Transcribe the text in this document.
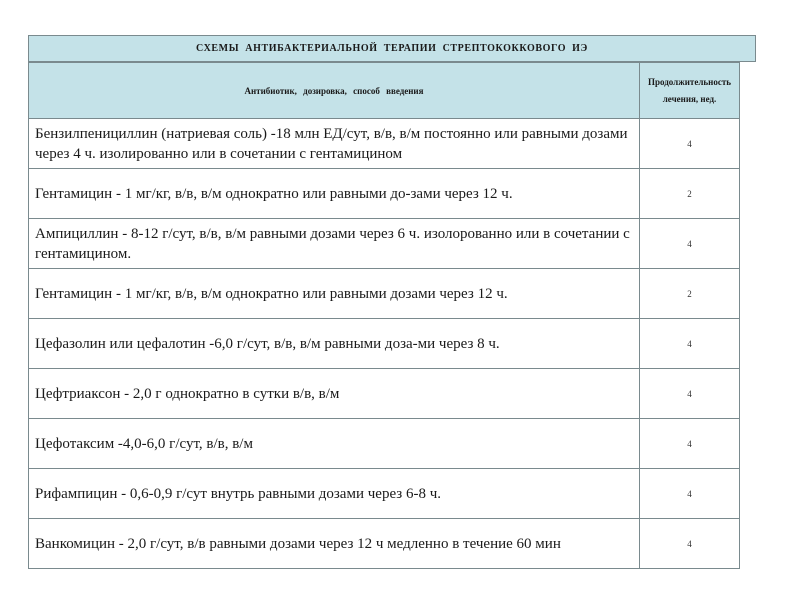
СХЕМЫ АНТИБАКТЕРИАЛЬНОЙ ТЕРАПИИ СТРЕПТОКОККОВОГО ИЭ
Антибиотик, дозировка, способ введения	Продолжительность лечения, нед.
Бензилпенициллин (натриевая соль) -18 млн ЕД/сут, в/в, в/м постоянно или равными дозами через 4 ч. изолированно или в сочетании с гентамицином	4
Гентамицин - 1 мг/кг, в/в, в/м однократно или равными до-зами через 12 ч.	2
Ампициллин - 8-12 г/сут, в/в, в/м равными дозами через 6 ч. изолорованно или в сочетании с гентамицином.	4
Гентамицин - 1 мг/кг, в/в, в/м однократно или равными дозами через 12 ч.	2
Цефазолин или цефалотин -6,0 г/сут, в/в, в/м равными доза-ми через 8 ч.	4
Цефтриаксон - 2,0 г однократно в сутки в/в, в/м	4
Цефотаксим -4,0-6,0 г/сут, в/в, в/м	4
Рифампицин - 0,6-0,9 г/сут внутрь равными дозами через 6-8 ч.	4
Ванкомицин - 2,0 г/сут, в/в равными дозами через 12 ч медленно в течение 60 мин	4
